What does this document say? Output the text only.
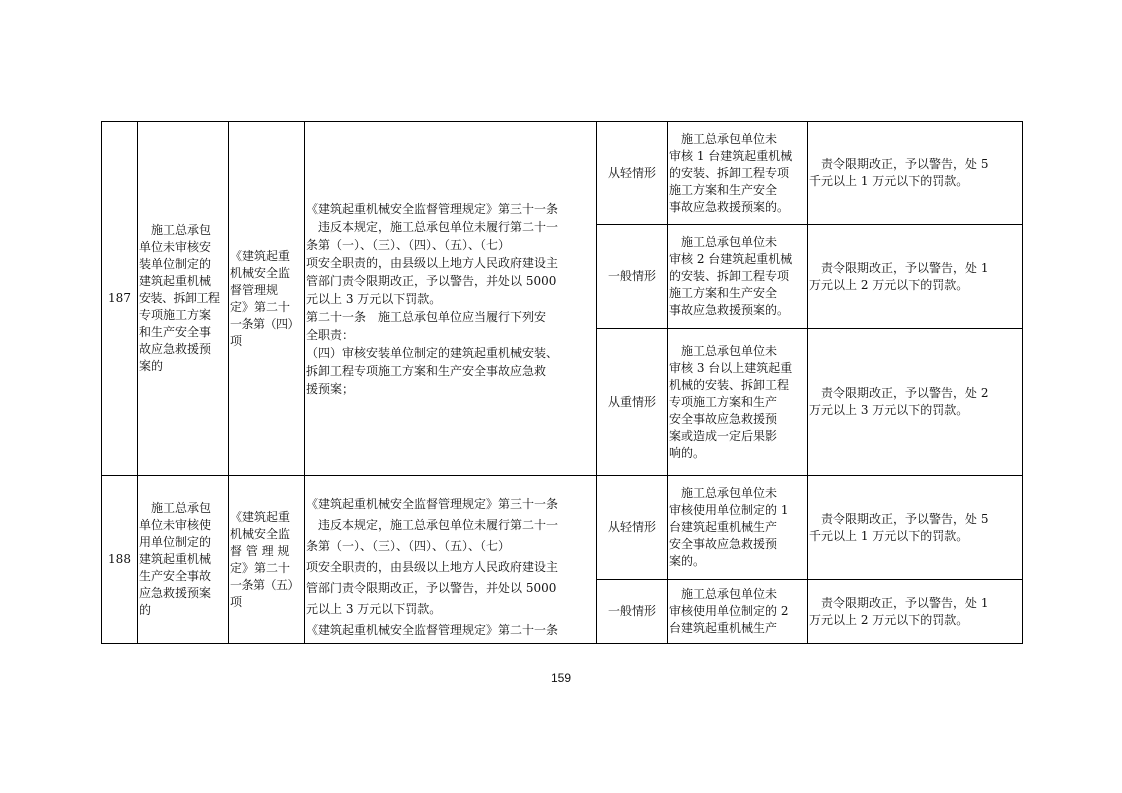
187
施工总承包
单位未审核安
装单位制定的
建筑起重机械
安装、拆卸工程
专项施工方案
和生产安全事
故应急救援预
案的
《建筑起重
机械安全监
督管理规
定》第二十
一条第（四）
项
《建筑起重机械安全监督管理规定》第三十一条
　违反本规定，施工总承包单位未履行第二十一
条第（一）、（三）、（四）、（五）、（七）
项安全职责的，由县级以上地方人民政府建设主
管部门责令限期改正，予以警告，并处以 5000
元以上 3 万元以下罚款。
第二十一条　施工总承包单位应当履行下列安
全职责：
（四）审核安装单位制定的建筑起重机械安装、
拆卸工程专项施工方案和生产安全事故应急救
援预案；
从轻情形
　施工总承包单位未
审核 1 台建筑起重机械
的安装、拆卸工程专项
施工方案和生产安全
事故应急救援预案的。
　责令限期改正，予以警告，处 5
千元以上 1 万元以下的罚款。
一般情形
　施工总承包单位未
审核 2 台建筑起重机械
的安装、拆卸工程专项
施工方案和生产安全
事故应急救援预案的。
　责令限期改正，予以警告，处 1
万元以上 2 万元以下的罚款。
从重情形
　施工总承包单位未
审核 3 台以上建筑起重
机械的安装、拆卸工程
专项施工方案和生产
安全事故应急救援预
案或造成一定后果影
响的。
　责令限期改正，予以警告，处 2
万元以上 3 万元以下的罚款。
188
　施工总承包
单位未审核使
用单位制定的
建筑起重机械
生产安全事故
应急救援预案
的
《建筑起重
机械安全监
督 管 理 规
定》第二十
一条第（五）
项
《建筑起重机械安全监督管理规定》第三十一条
　违反本规定，施工总承包单位未履行第二十一
条第（一）、（三）、（四）、（五）、（七）
项安全职责的，由县级以上地方人民政府建设主
管部门责令限期改正，予以警告，并处以 5000
元以上 3 万元以下罚款。
《建筑起重机械安全监督管理规定》第二十一条
从轻情形
　施工总承包单位未
审核使用单位制定的 1
台建筑起重机械生产
安全事故应急救援预
案的。
　责令限期改正，予以警告，处 5
千元以上 1 万元以下的罚款。
一般情形
　施工总承包单位未
审核使用单位制定的 2
台建筑起重机械生产
　责令限期改正，予以警告，处 1
万元以上 2 万元以下的罚款。
159
